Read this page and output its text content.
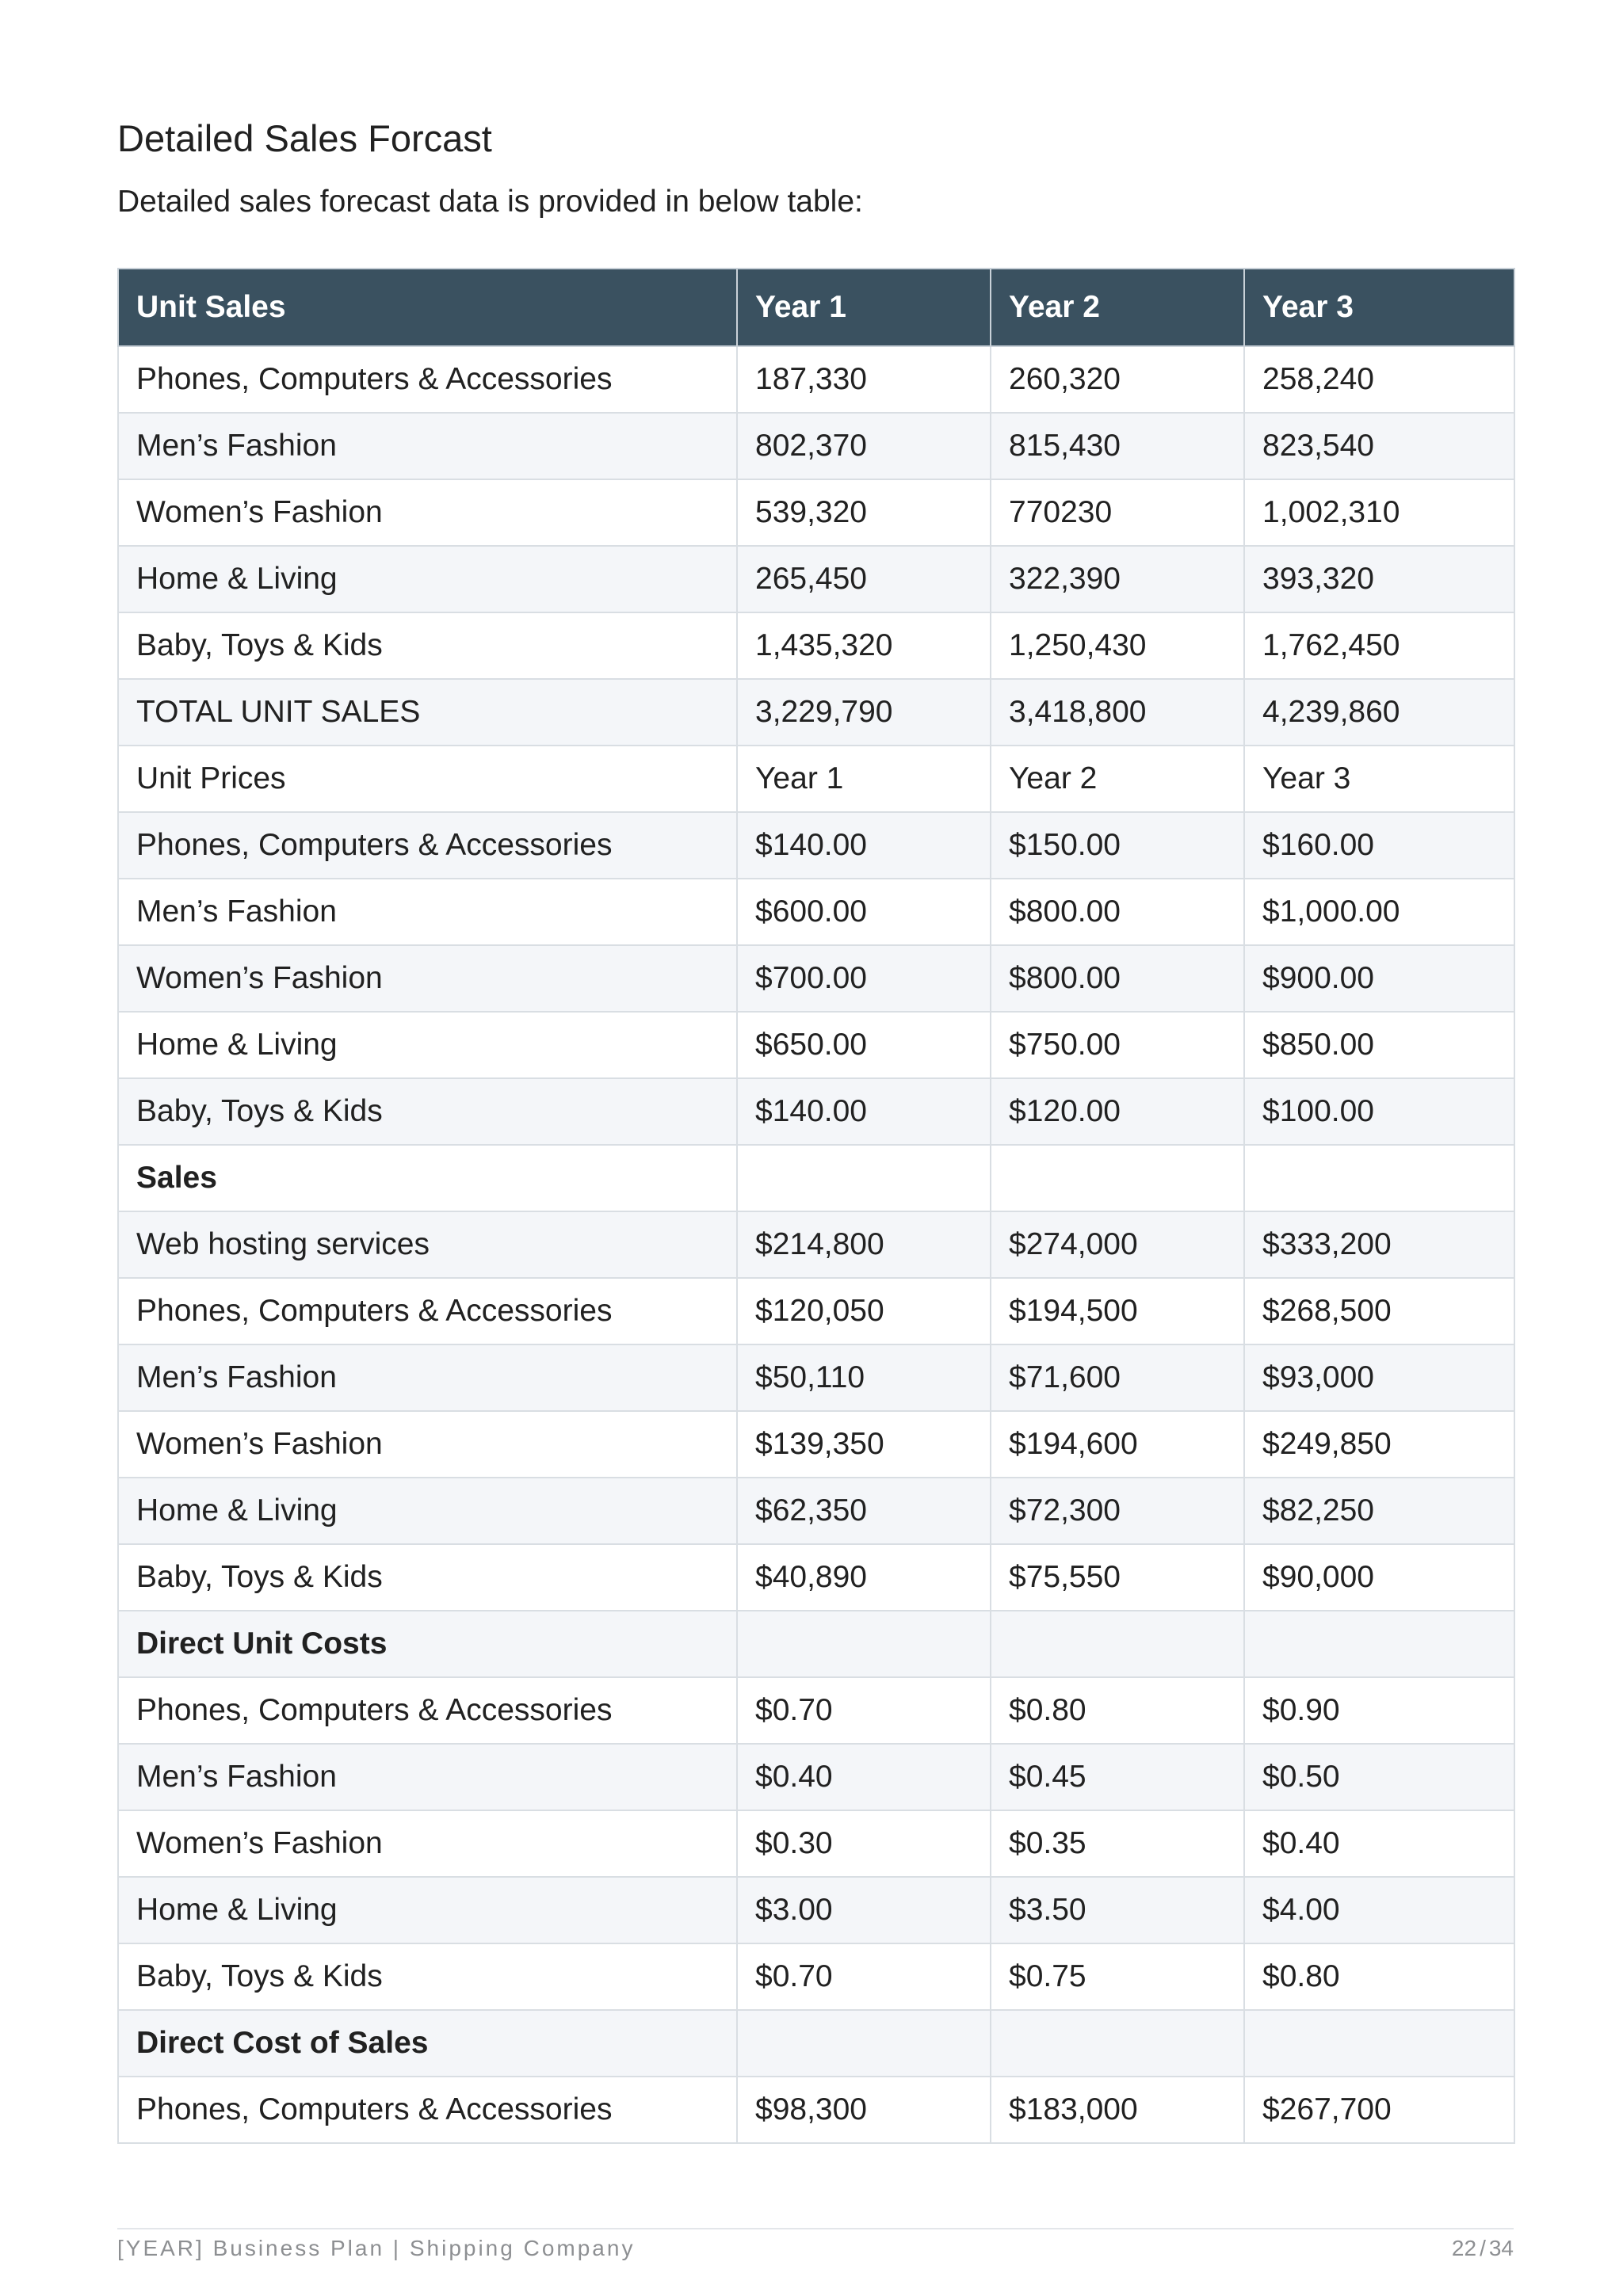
Detailed Sales Forcast

Detailed sales forecast data is provided in below table:

Unit Sales	Year 1	Year 2	Year 3
Phones, Computers & Accessories	187,330	260,320	258,240
Men’s Fashion	802,370	815,430	823,540
Women’s Fashion	539,320	770230	1,002,310
Home & Living	265,450	322,390	393,320
Baby, Toys & Kids	1,435,320	1,250,430	1,762,450
TOTAL UNIT SALES	3,229,790	3,418,800	4,239,860
Unit Prices	Year 1	Year 2	Year 3
Phones, Computers & Accessories	$140.00	$150.00	$160.00
Men’s Fashion	$600.00	$800.00	$1,000.00
Women’s Fashion	$700.00	$800.00	$900.00
Home & Living	$650.00	$750.00	$850.00
Baby, Toys & Kids	$140.00	$120.00	$100.00
Sales			
Web hosting services	$214,800	$274,000	$333,200
Phones, Computers & Accessories	$120,050	$194,500	$268,500
Men’s Fashion	$50,110	$71,600	$93,000
Women’s Fashion	$139,350	$194,600	$249,850
Home & Living	$62,350	$72,300	$82,250
Baby, Toys & Kids	$40,890	$75,550	$90,000
Direct Unit Costs			
Phones, Computers & Accessories	$0.70	$0.80	$0.90
Men’s Fashion	$0.40	$0.45	$0.50
Women’s Fashion	$0.30	$0.35	$0.40
Home & Living	$3.00	$3.50	$4.00
Baby, Toys & Kids	$0.70	$0.75	$0.80
Direct Cost of Sales			
Phones, Computers & Accessories	$98,300	$183,000	$267,700
[YEAR] Business Plan | Shipping Company	22 / 34
